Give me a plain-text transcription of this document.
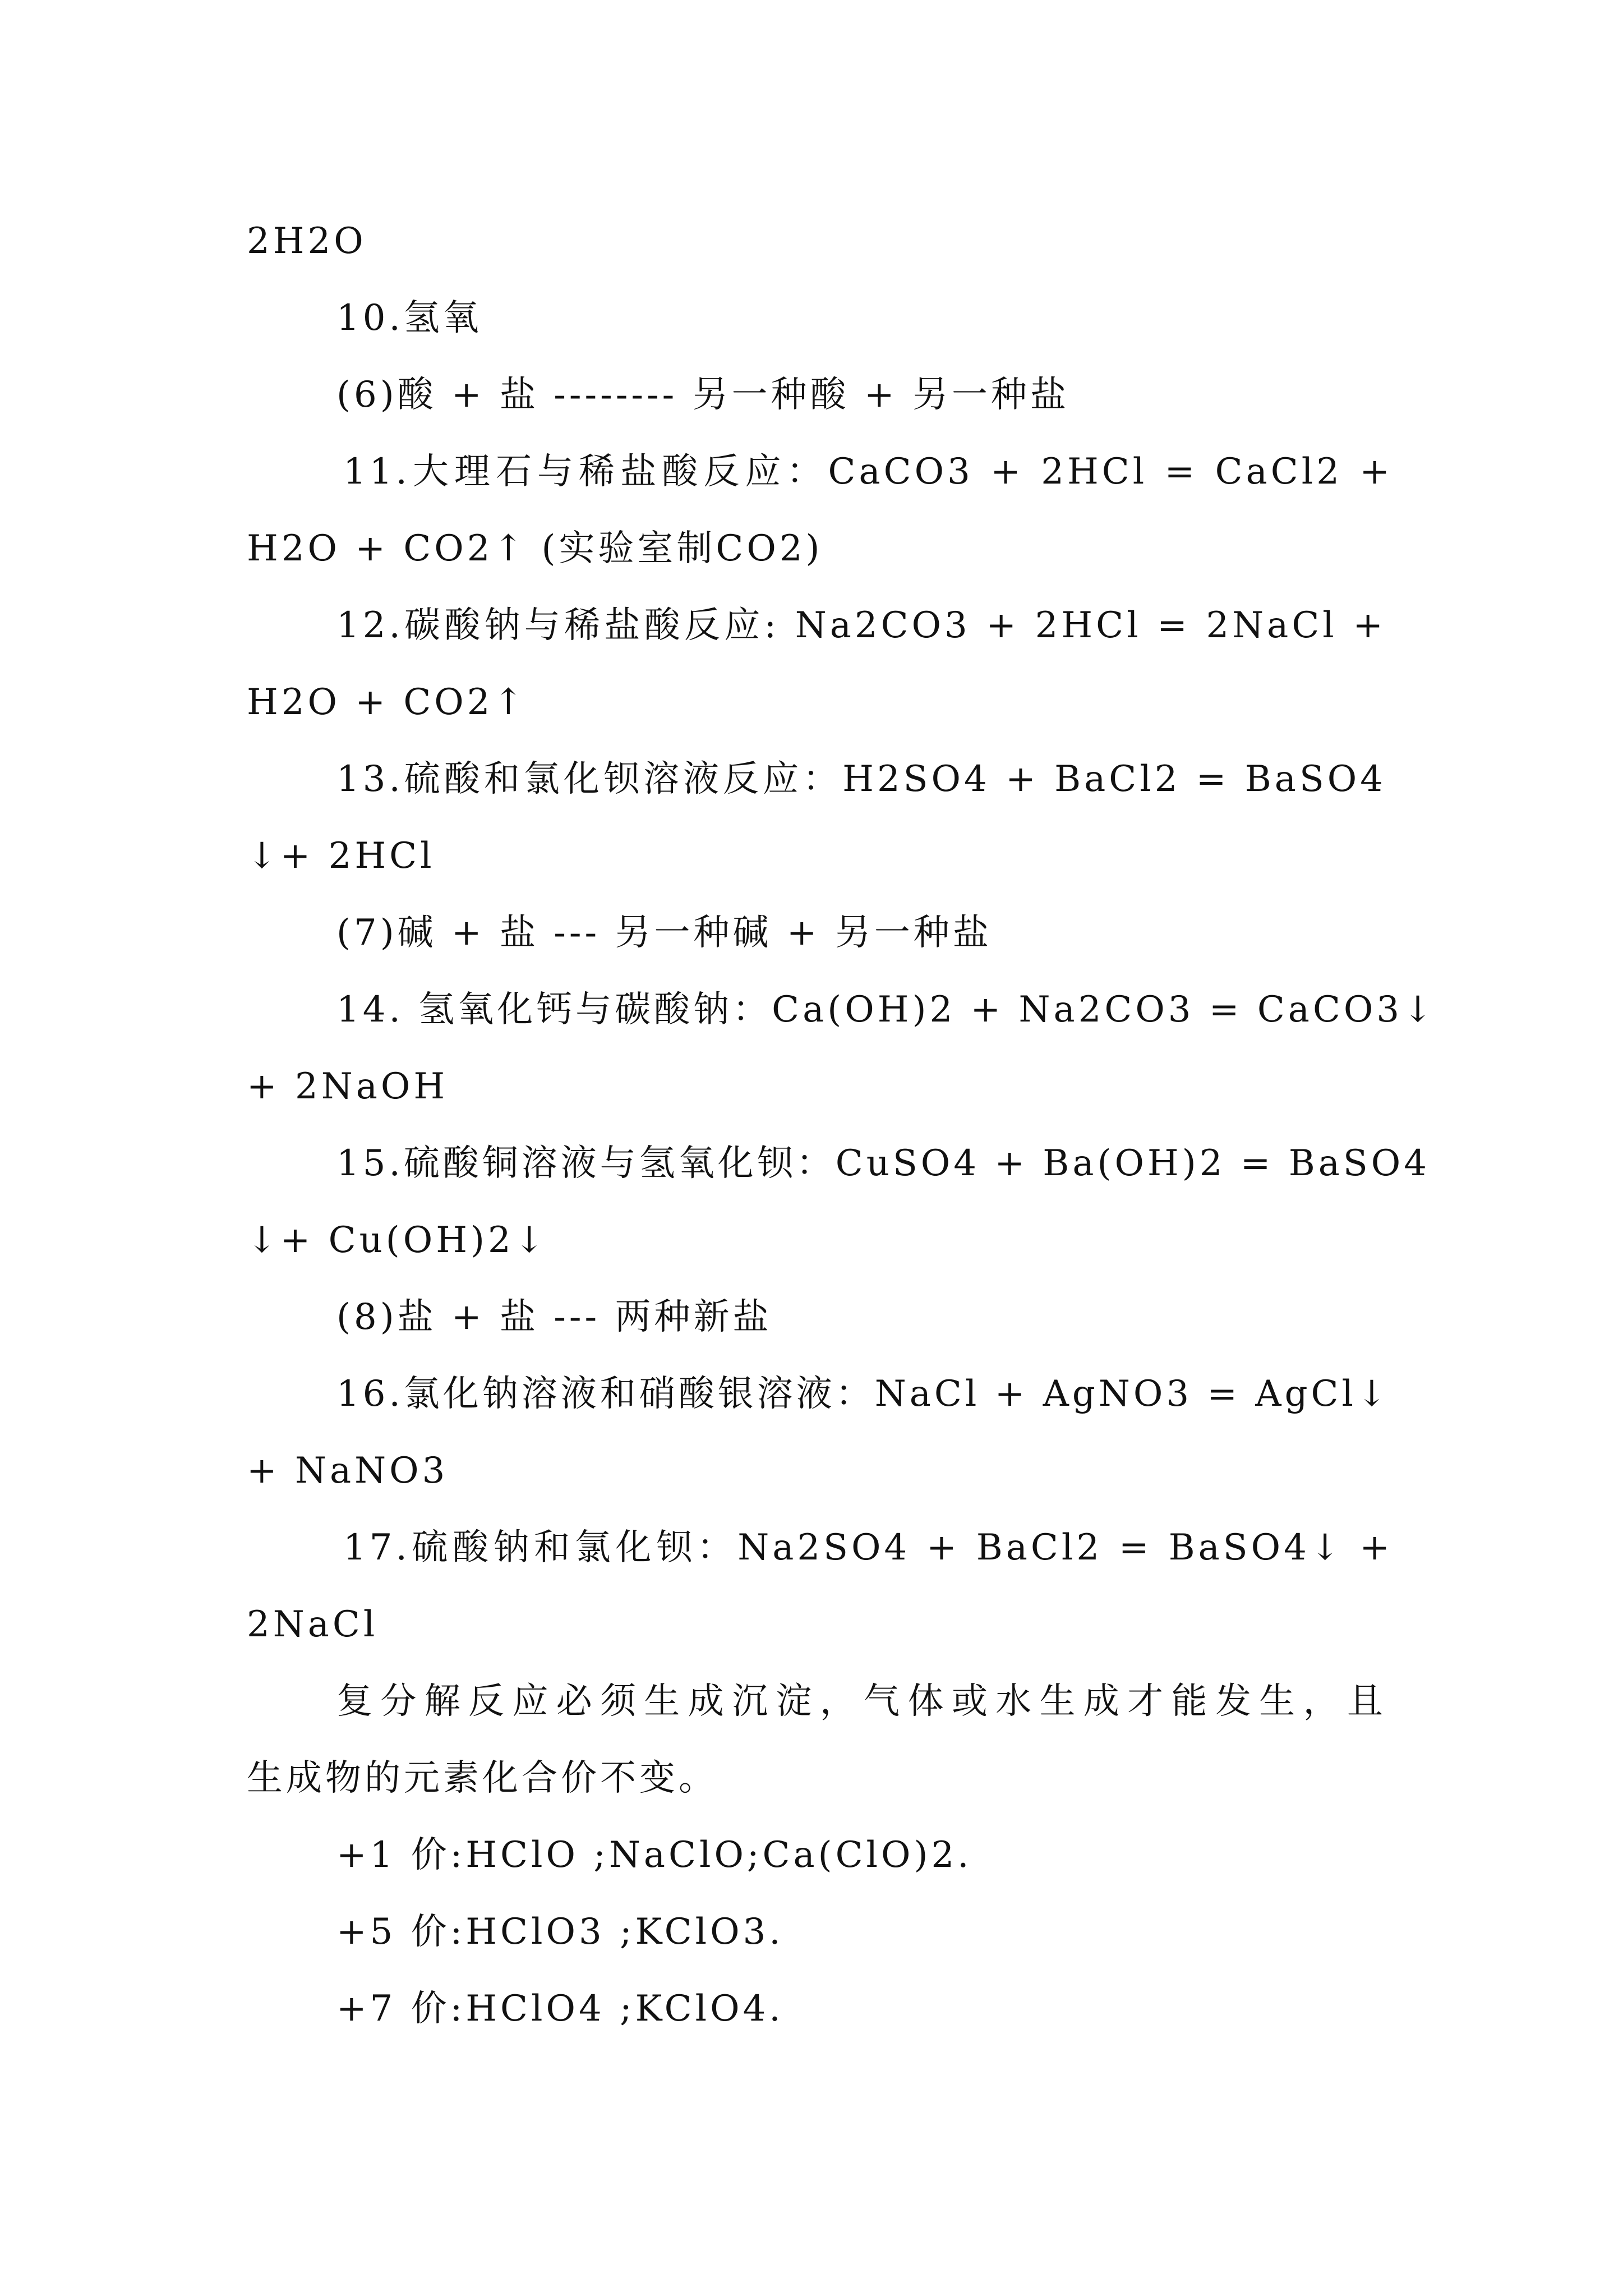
2H2O
10.氢氧
(6)酸 + 盐 -------- 另一种酸 + 另一种盐
11.大理石与稀盐酸反应：CaCO3 + 2HCl = CaCl2 +
H2O + CO2↑ (实验室制CO2)
12.碳酸钠与稀盐酸反应: Na2CO3 + 2HCl = 2NaCl +
H2O + CO2↑
13.硫酸和氯化钡溶液反应：H2SO4 + BaCl2 = BaSO4
↓+ 2HCl
(7)碱 + 盐 --- 另一种碱 + 另一种盐
14. 氢氧化钙与碳酸钠：Ca(OH)2 + Na2CO3 = CaCO3↓
+ 2NaOH
15.硫酸铜溶液与氢氧化钡：CuSO4 + Ba(OH)2 = BaSO4
↓+ Cu(OH)2↓
(8)盐 + 盐 --- 两种新盐
16.氯化钠溶液和硝酸银溶液：NaCl + AgNO3 = AgCl↓
+ NaNO3
17.硫酸钠和氯化钡：Na2SO4 + BaCl2 = BaSO4↓ +
2NaCl
复分解反应必须生成沉淀，气体或水生成才能发生，且
生成物的元素化合价不变。
+1 价:HClO ;NaClO;Ca(ClO)2.
+5 价:HClO3 ;KClO3.
+7 价:HClO4 ;KClO4.
